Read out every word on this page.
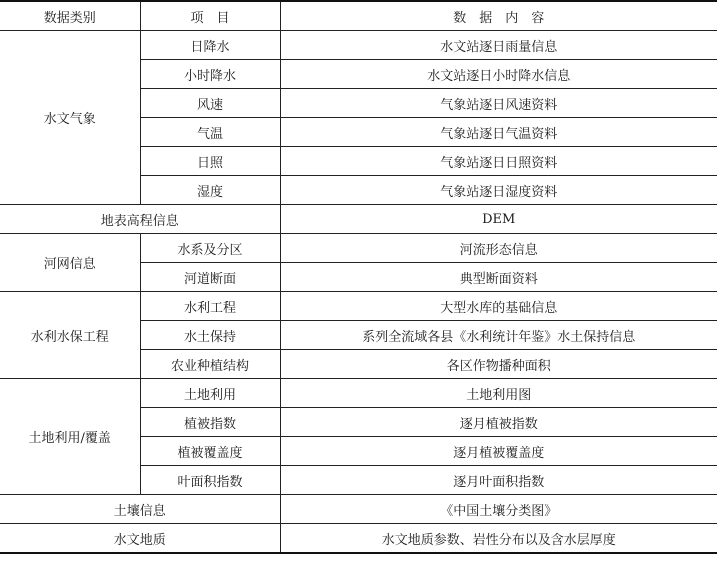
数据类别	项　目	数　据　内　容
水文气象	日降水	水文站逐日雨量信息
	小时降水	水文站逐日小时降水信息
	风速	气象站逐日风速资料
	气温	气象站逐日气温资料
	日照	气象站逐日日照资料
	湿度	气象站逐日湿度资料
地表高程信息		DEM
河网信息	水系及分区	河流形态信息
	河道断面	典型断面资料
水利水保工程	水利工程	大型水库的基础信息
	水土保持	系列全流域各县《水利统计年鉴》水土保持信息
	农业种植结构	各区作物播种面积
土地利用/覆盖	土地利用	土地利用图
	植被指数	逐月植被指数
	植被覆盖度	逐月植被覆盖度
	叶面积指数	逐月叶面积指数
土壤信息		《中国土壤分类图》
水文地质		水文地质参数、岩性分布以及含水层厚度
